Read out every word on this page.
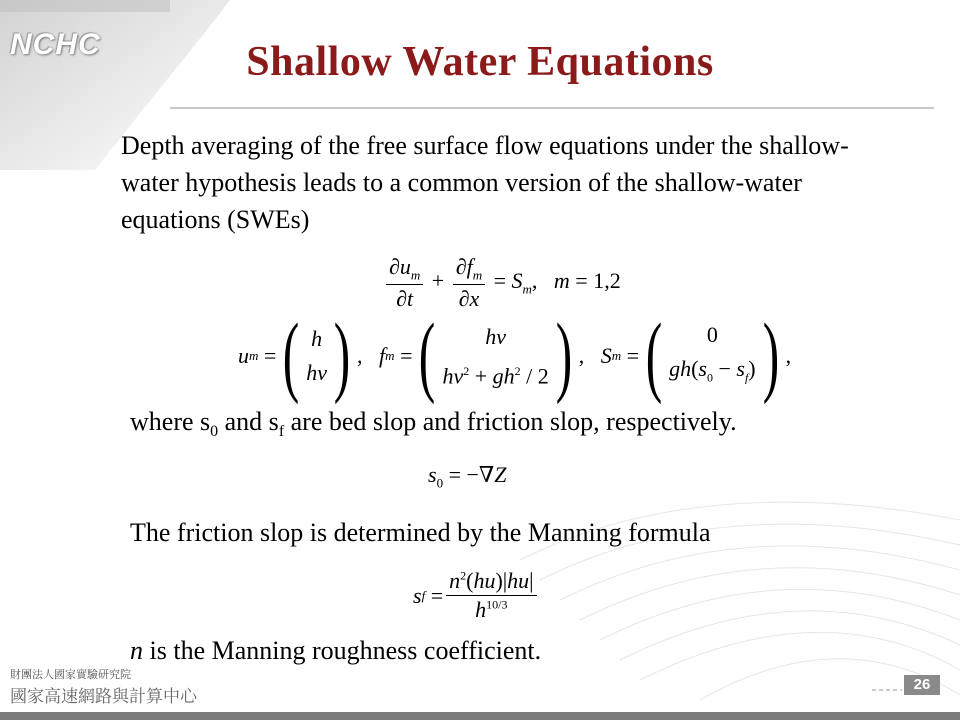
NCHC	Shallow Water Equations
Depth averaging of the free surface flow equations under the shallow-water hypothesis leads to a common version of the shallow-water equations (SWEs)
$\frac{\partial u_m}{\partial t} + \frac{\partial f_m}{\partial x} = S_m$,   m = 1,2
u m = ( h
hv ) , f m = ( hv
$hv^2 + gh^2 / 2$ ) , S m = ( 0
$gh(s_0 - s_f)$ ) ,
where $s_0$ and $s_f$ are bed slop and friction slop, respectively.
$s_0 = -\nabla Z$
The friction slop is determined by the Manning formula
s $f = \frac{n^2(hu)|hu|}{h^{10/3}}$
n is the Manning roughness coefficient.
財團法人國家實驗研究院
國家高速網路與計算中心
26
